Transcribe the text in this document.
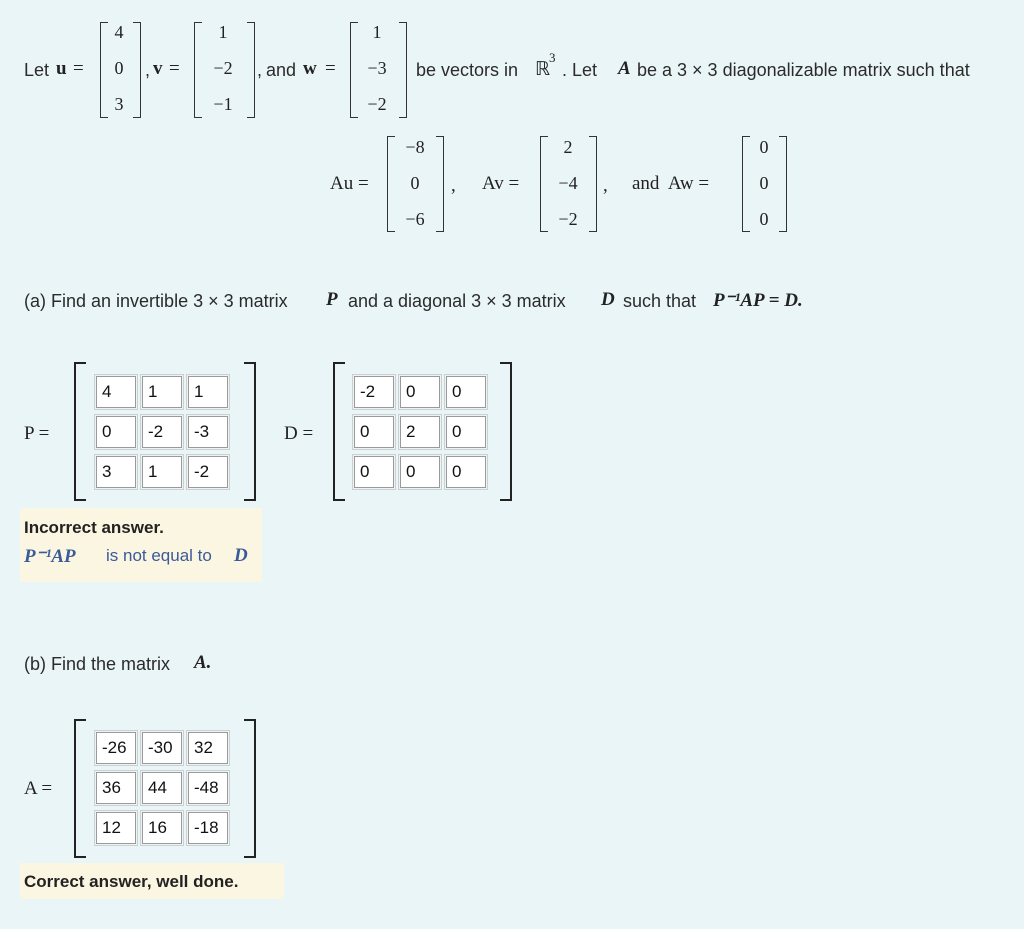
Let u =
4
0
3
, v =
1
−2
−1
, and w =
1
−3
−2
be vectors in ℝ
3
. Let A be a 3 × 3 diagonalizable matrix such that
Au =
−8
0
−6
, Av =
2
−4
−2
, and  Aw =
0
0
0
(a) Find an invertible 3 × 3 matrix P and a diagonal 3 × 3 matrix D such that P⁻¹AP = D.
P =
4	1	1
0	-2	-3
3	1	-2
D =
-2	0	0
0	2	0
0	0	0
Incorrect answer.
P⁻¹AP is not equal to D
(b) Find the matrix A.
A =
-26	-30	32
36	44	-48
12	16	-18
Correct answer, well done.
